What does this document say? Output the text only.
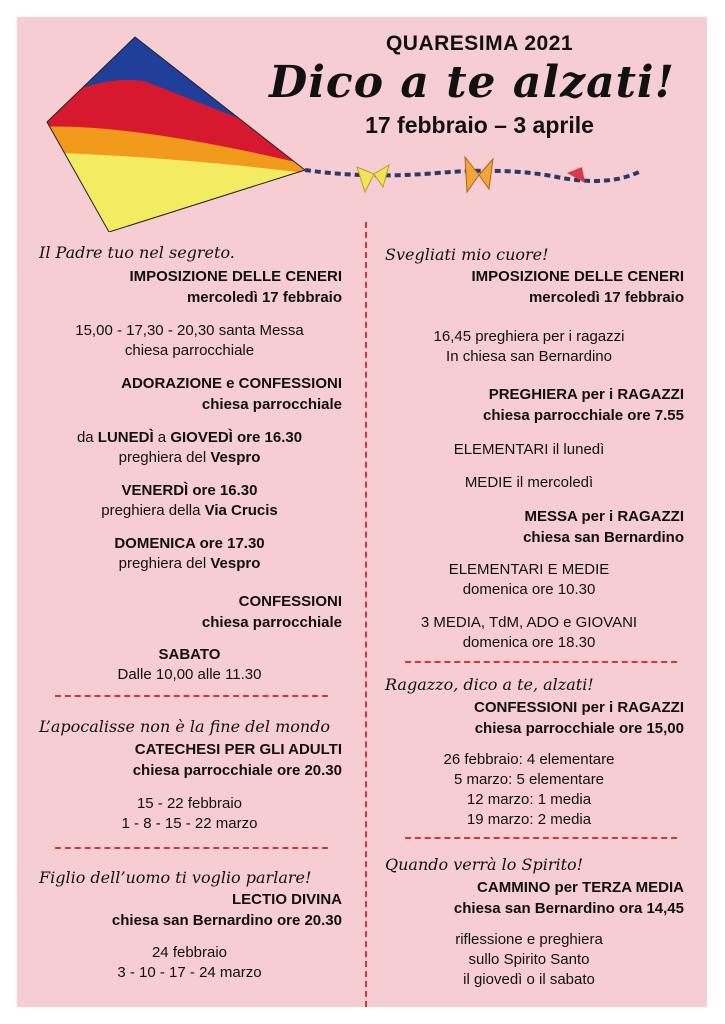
QUARESIMA 2021
Dico a te alzati!
17 febbraio – 3 aprile
Il Padre tuo nel segreto.
IMPOSIZIONE DELLE CENERI
mercoledì 17 febbraio
15,00 - 17,30 - 20,30 santa Messa
chiesa parrocchiale
ADORAZIONE e CONFESSIONI
chiesa parrocchiale
da LUNEDÌ a GIOVEDÌ ore 16.30
preghiera del Vespro
VENERDÌ ore 16.30
preghiera della Via Crucis
DOMENICA ore 17.30
preghiera del Vespro
CONFESSIONI
chiesa parrocchiale
SABATO
Dalle 10,00 alle 11.30
L’apocalisse non è la fine del mondo
CATECHESI PER GLI ADULTI
chiesa parrocchiale ore 20.30
15 - 22 febbraio
1 - 8 - 15 - 22 marzo
Figlio dell’uomo ti voglio parlare!
LECTIO DIVINA
chiesa san Bernardino ore 20.30
24 febbraio
3 - 10 - 17 - 24 marzo
Svegliati mio cuore!
IMPOSIZIONE DELLE CENERI
mercoledì 17 febbraio
16,45 preghiera per i ragazzi
In chiesa san Bernardino
PREGHIERA per i RAGAZZI
chiesa parrocchiale ore 7.55
ELEMENTARI il lunedì
MEDIE il mercoledì
MESSA per i RAGAZZI
chiesa san Bernardino
ELEMENTARI E MEDIE
domenica ore 10.30
3 MEDIA, TdM, ADO e GIOVANI
domenica ore 18.30
Ragazzo, dico a te, alzati!
CONFESSIONI per i RAGAZZI
chiesa parrocchiale ore 15,00
26 febbraio: 4 elementare
5 marzo: 5 elementare
12 marzo: 1 media
19 marzo: 2 media
Quando verrà lo Spirito!
CAMMINO per TERZA MEDIA
chiesa san Bernardino ora 14,45
riflessione e preghiera
sullo Spirito Santo
il giovedì o il sabato
